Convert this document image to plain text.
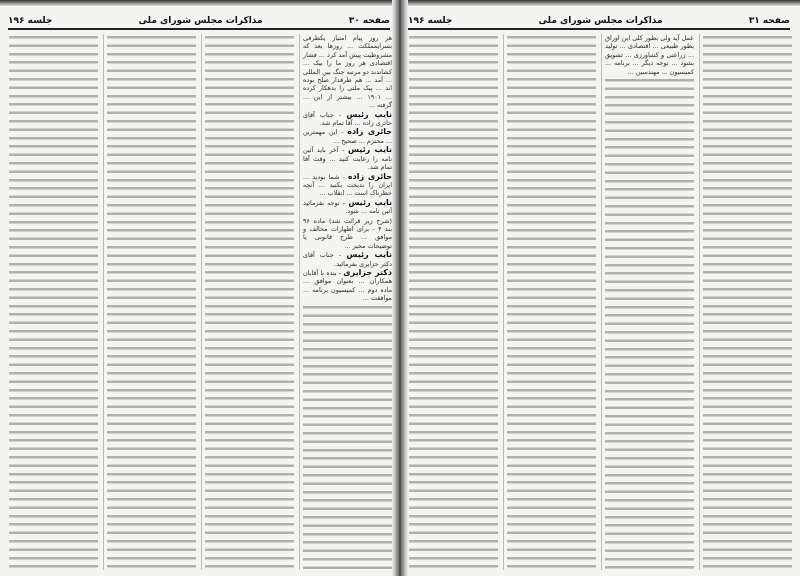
جلسه ۱۹۶	مذاکرات مجلس شورای ملی	صفحه ۳۰

هر روز پیام امتیاز یکطرفی بسرایمملکت ... روزها بعد که مشروطیت پیش آمد کرد ... فشار اقتصادی هر روز ما را بیک ... کشاندند دو مرتبه جنگ بین المللی ... آمد ... هم طرفدار صلح بوده اند ... پیک ملتی را بدهکار کرده ... ۱۹۰۱ ... بیشتر از این ... گرفته ...

نایب رئیس - جناب آقای حائری زاده ... آقا تمام شد.

حائری زاده - این مهمترین ... محترم ... صحیح ...

نایب رئیس - آخر باید آئین نامه را رعایت کنید ... وقت آقا تمام شد.

حائری زاده - شما بودید ... ایران را بدبخت بکنید ... آنچه خطرناک است ... انقلاب ...

نایب رئیس - توجه بفرمائید آئین نامه ... شود.

(شرح زیر قرائت شد) ماده ۹۶ بند ۴ - برای اظهارات مخالف و موافق ... طرح قانونی یا توضیحات مخبر ...

نایب رئیس - جناب آقای دکتر جزایری بفرمائید.

دکتر جزایری - بنده با آقایان همکاران ... بعنوان موافق ... ماده دوم ... کمیسیون برنامه ... موافقت ...

جلسه ۱۹۶	مذاکرات مجلس شورای ملی	صفحه ۳۱

عمل آید ولی بطور کلی این اوراق بطور طبیعی ... اقتصادی ... تولید ... زراعتی و کشاورزی ... تشویق بشود ... توجه دیگر ... برنامه ... کمیسیون ... مهندسین ...
